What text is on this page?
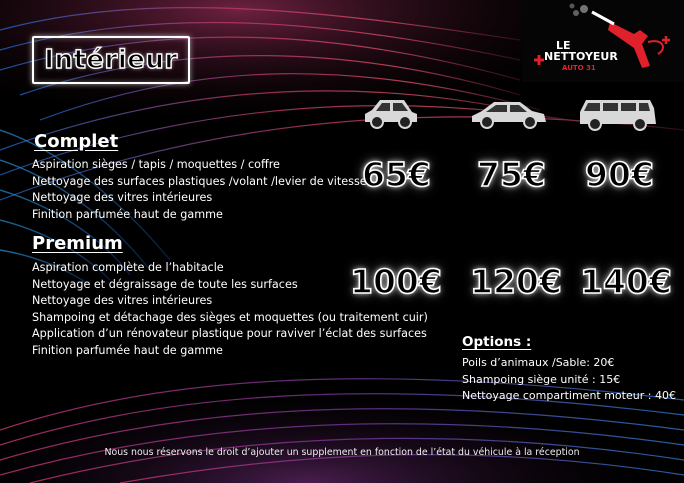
Intérieur	LE
NETTOYEUR
AUTO 31
Complet
Aspiration sièges / tapis / moquettes / coffre
Nettoyage des surfaces plastiques /volant /levier de vitesse
Nettoyage des vitres intérieures
Finition parfumée haut de gamme
Premium
Aspiration complète de l’habitacle
Nettoyage et dégraissage de toute les surfaces
Nettoyage des vitres intérieures
Shampoing et détachage des sièges et moquettes (ou traitement cuir)
Application d’un rénovateur plastique pour raviver l’éclat des surfaces
Finition parfumée haut de gamme
65€ 75€ 90€
100€ 120€ 140€
Options :
Poils d’animaux /Sable: 20€
Shampoing siège unité : 15€
Nettoyage compartiment moteur : 40€
Nous nous réservons le droit d’ajouter un supplement en fonction de l’état du véhicule à la réception
